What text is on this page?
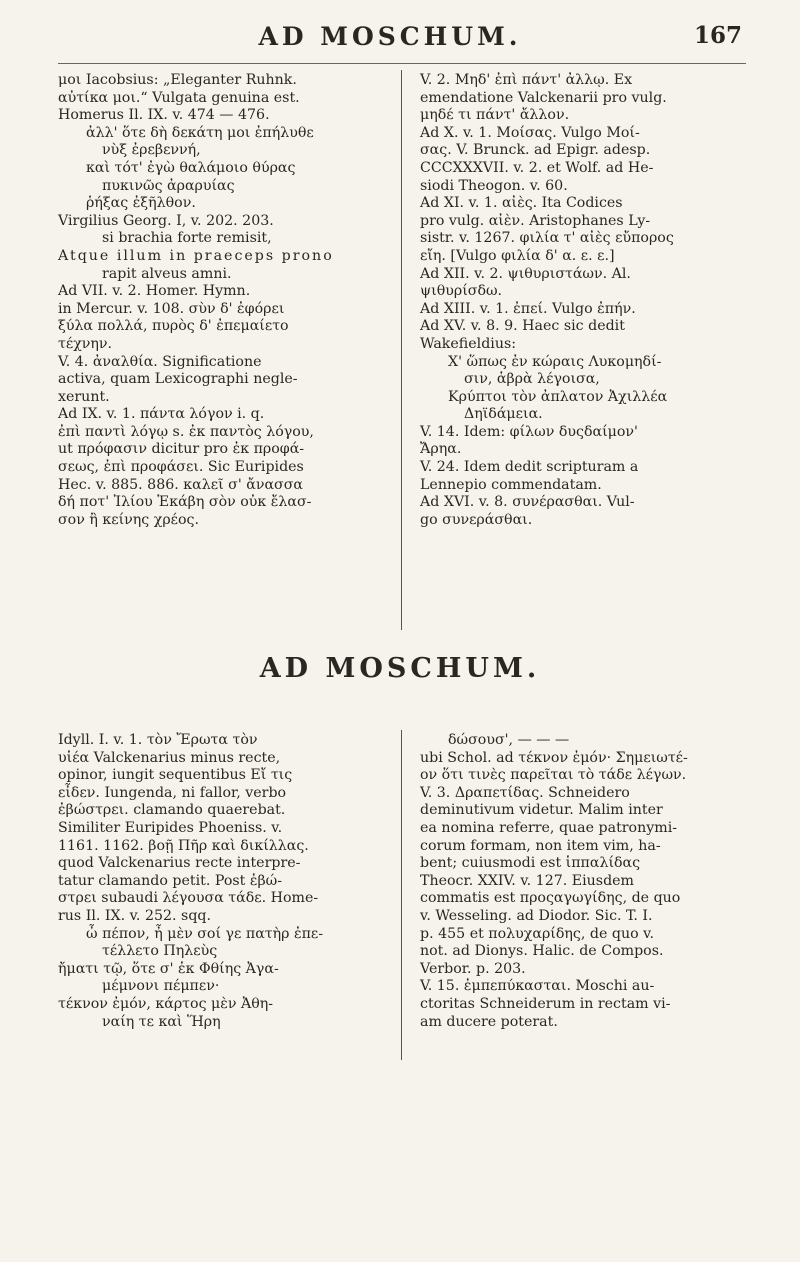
AD MOSCHUM.	167

μοι Iacobsius: „Eleganter Ruhnk.

αὐτίκα μοι.“ Vulgata genuina est.

Homerus Il. IX. v. 474 — 476.

ἀλλ' ὅτε δὴ δεκάτη μοι ἐπήλυθε

νὺξ ἐρεβεννή,

καὶ τότ' ἐγὼ θαλάμοιο θύρας

πυκινῶς ἀραρυίας

ῥήξας ἐξῆλθον.

Virgilius Georg. I, v. 202. 203.

si brachia forte remisit,

Atque illum in praeceps prono

rapit alveus amni.

Ad VII. v. 2. Homer. Hymn.

in Mercur. v. 108. σὺν δ' ἐφόρει

ξύλα πολλά, πυρὸς δ' ἐπεμαίετο

τέχνην.

V. 4. ἀναλθία. Significatione

activa, quam Lexicographi negle-

xerunt.

Ad IX. v. 1. πάντα λόγον i. q.

ἐπὶ παντὶ λόγῳ s. ἐκ παντὸς λόγου,

ut πρόφασιν dicitur pro ἐκ προφά-

σεως, ἐπὶ προφάσει. Sic Euripides

Hec. v. 885. 886. καλεῖ σ' ἄνασσα

δή ποτ' Ἰλίου Ἑκάβη σὸν οὐκ ἔλασ-

σον ἢ κείνης χρέος.

V. 2. Μηδ' ἐπὶ πάντ' ἀλλῳ. Ex

emendatione Valckenarii pro vulg.

μηδέ τι πάντ' ἄλλον.

Ad X. v. 1. Μοίσας. Vulgo Μοί-

σας. V. Brunck. ad Epigr. adesp.

CCCXXXVII. v. 2. et Wolf. ad He-

siodi Theogon. v. 60.

Ad XI. v. 1. αἰὲς. Ita Codices

pro vulg. αἰὲν. Aristophanes Ly-

sistr. v. 1267. φιλία τ' αἰὲς εὔπορος

εἴη. [Vulgo φιλία δ' α. ε. ε.]

Ad XII. v. 2. ψιθυριστάων. Al.

ψιθυρίσδω.

Ad XIII. v. 1. ἐπεί. Vulgo ἐπήν.

Ad XV. v. 8. 9. Haec sic dedit

Wakefieldius:

X' ὥπως ἐν κώραις Λυκομηδί-

σιν, ἁβρὰ λέγοισα,

Κρύπτοι τὸν ἀπλατον Ἀχιλλέα

Δηϊδάμεια.

V. 14. Idem: φίλων δυςδαίμον'

Ἄρηα.

V. 24. Idem dedit scripturam a

Lennepio commendatam.

Ad XVI. v. 8. συνέρασθαι. Vul-

go συνεράσθαι.

AD MOSCHUM.

Idyll. I. v. 1. τὸν Ἔρωτα τὸν

υἱέα Valckenarius minus recte,

opinor, iungit sequentibus Εἴ τις

εἶδεν. Iungenda, ni fallor, verbo

ἐβώστρει. clamando quaerebat.

Similiter Euripides Phoeniss. v.

1161. 1162. βοῇ Πῆρ καὶ δικίλλας.

quod Valckenarius recte interpre-

tatur clamando petit. Post ἐβώ-

στρει subaudi λέγουσα τάδε. Home-

rus Il. IX. v. 252. sqq.

ὦ πέπον, ἦ μὲν σοί γε πατὴρ ἐπε-

τέλλετο Πηλεὺς

ἤματι τῷ, ὅτε σ' ἐκ Φθίης Ἀγα-

μέμνονι πέμπεν·

τέκνον ἐμόν, κάρτος μὲν Ἀθη-

ναίη τε καὶ Ἥρη

δώσουσ', — — —

ubi Schol. ad τέκνον ἐμόν· Σημειωτέ-

ον ὅτι τινὲς παρεῖται τὸ τάδε λέγων.

V. 3. Δραπετίδας. Schneidero

deminutivum videtur. Malim inter

ea nomina referre, quae patronymi-

corum formam, non item vim, ha-

bent; cuiusmodi est ἱππαλίδας

Theocr. XXIV. v. 127. Eiusdem

commatis est προςαγωγίδης, de quo

v. Wesseling. ad Diodor. Sic. T. I.

p. 455 et πολυχαρίδης, de quo v.

not. ad Dionys. Halic. de Compos.

Verbor. p. 203.

V. 15. ἐμπεπύκασται. Moschi au-

ctoritas Schneiderum in rectam vi-

am ducere poterat.
